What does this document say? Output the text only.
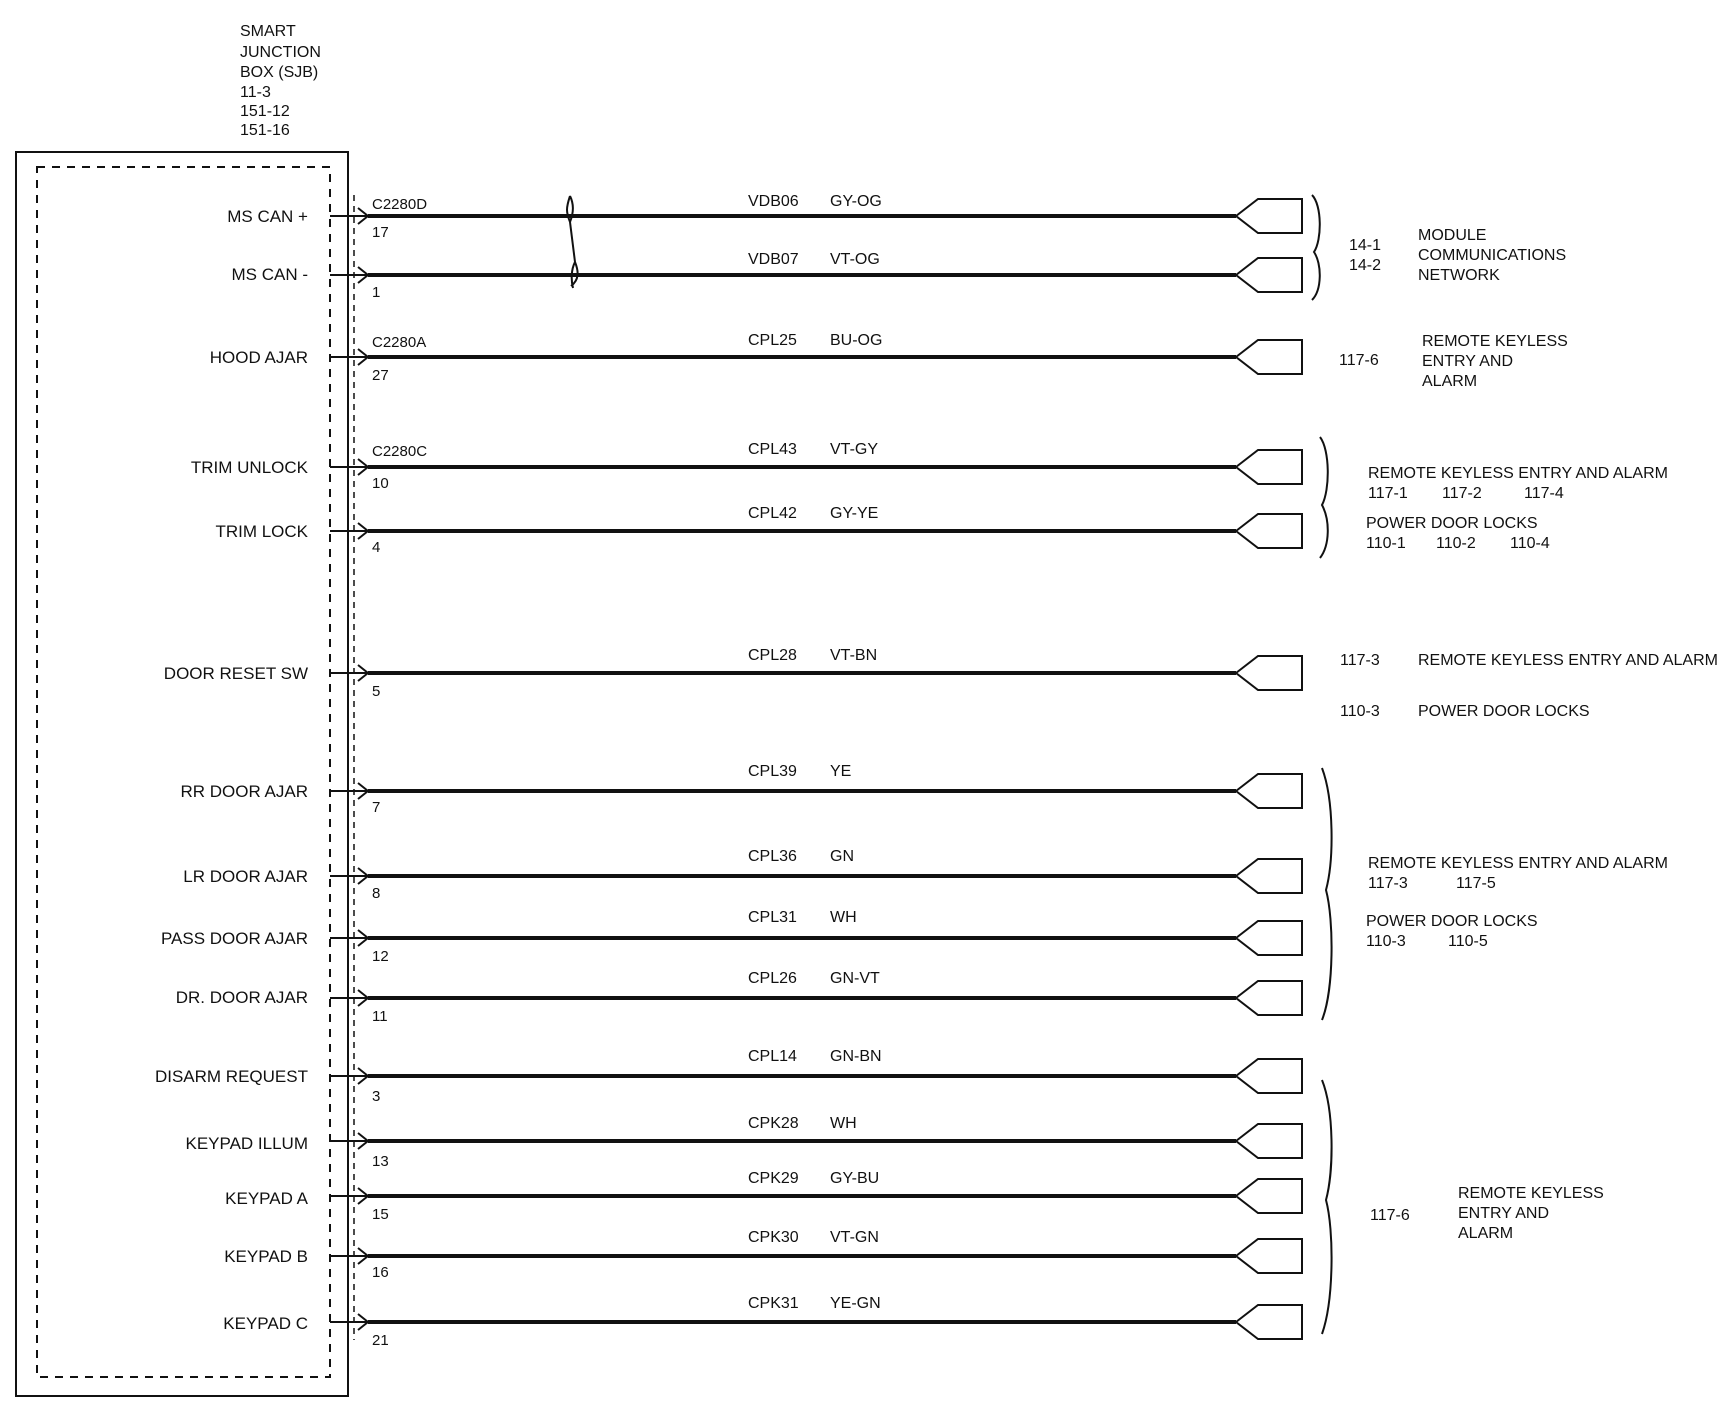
SMART
JUNCTION
BOX (SJB)
11-3
151-12
151-16
MS CAN +
17
C2280D	VDB06 GY-OG
MS CAN -
1
VDB07 VT-OG
HOOD AJAR
27
C2280A	CPL25 BU-OG
TRIM UNLOCK
10
C2280C	CPL43 VT-GY
TRIM LOCK
4
CPL42 GY-YE
DOOR RESET SW
5
CPL28 VT-BN
RR DOOR AJAR
7
CPL39 YE
LR DOOR AJAR
8
CPL36 GN
PASS DOOR AJAR
12
CPL31 WH
DR. DOOR AJAR
11
CPL26 GN-VT
DISARM REQUEST
3
CPL14 GN-BN
KEYPAD ILLUM
13
CPK28 WH
KEYPAD A
15
CPK29 GY-BU
KEYPAD B
16
CPK30 VT-GN
KEYPAD C
21
CPK31 YE-GN
14-1
14-2
MODULE
COMMUNICATIONS
NETWORK
117-6
REMOTE KEYLESS
ENTRY AND
ALARM
REMOTE KEYLESS ENTRY AND ALARM
117-1 117-2	117-4
POWER DOOR LOCKS
110-1 110-2 110-4
117-3 REMOTE KEYLESS ENTRY AND ALARM
110-3 POWER DOOR LOCKS
REMOTE KEYLESS ENTRY AND ALARM
117-3	117-5
POWER DOOR LOCKS
110-3	110-5
117-6
REMOTE KEYLESS
ENTRY AND
ALARM
